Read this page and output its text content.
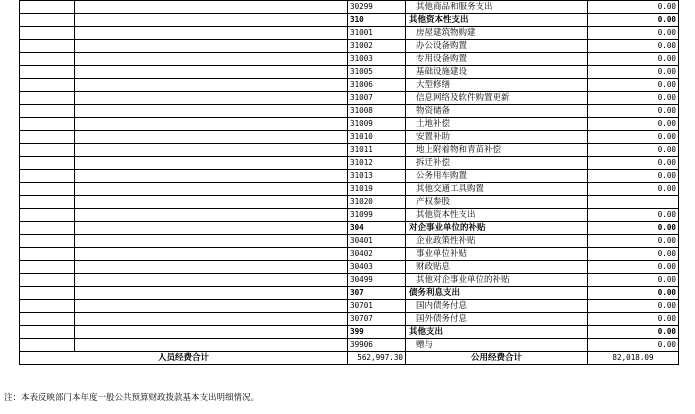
		30299	其他商品和服务支出	0.00
		310	其他资本性支出	0.00
		31001	房屋建筑物购建	0.00
		31002	办公设备购置	0.00
		31003	专用设备购置	0.00
		31005	基础设施建设	0.00
		31006	大型修缮	0.00
		31007	信息网络及软件购置更新	0.00
		31008	物资储备	0.00
		31009	土地补偿	0.00
		31010	安置补助	0.00
		31011	地上附着物和青苗补偿	0.00
		31012	拆迁补偿	0.00
		31013	公务用车购置	0.00
		31019	其他交通工具购置	0.00
		31020	产权参股	
		31099	其他资本性支出	0.00
		304	对企事业单位的补贴	0.00
		30401	企业政策性补贴	0.00
		30402	事业单位补贴	0.00
		30403	财政贴息	0.00
		30499	其他对企事业单位的补贴	0.00
		307	债务利息支出	0.00
		30701	国内债务付息	0.00
		30707	国外债务付息	0.00
		399	其他支出	0.00
		39906	赠与	0.00
人员经费合计		562,997.30	公用经费合计	82,018.09
注：本表反映部门本年度一般公共预算财政拨款基本支出明细情况。
